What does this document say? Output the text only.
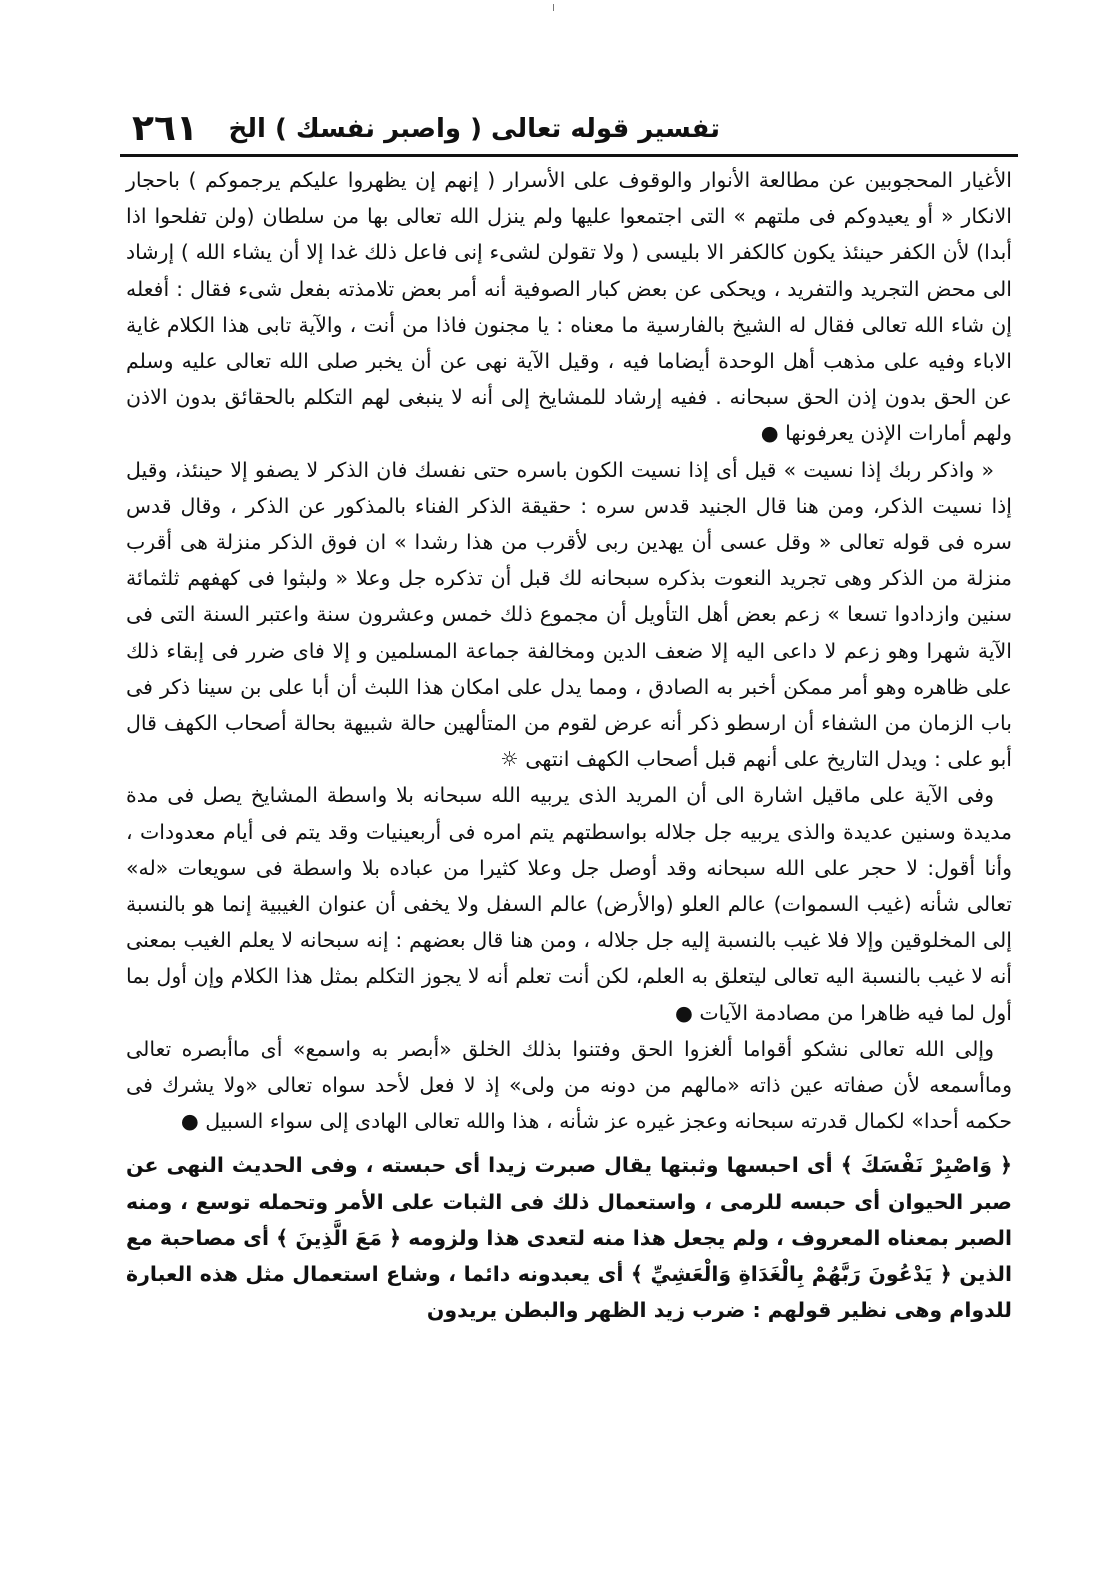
تفسير قوله تعالى ( واصبر نفسك ) الخ
٢٦١

الأغيار المحجوبين عن مطالعة الأنوار والوقوف على الأسرار ( إنهم إن يظهروا عليكم يرجموكم ) باحجار الانكار « أو يعيدوكم فى ملتهم » التى اجتمعوا عليها ولم ينزل الله تعالى بها من سلطان (ولن تفلحوا اذا أبدا) لأن الكفر حينئذ يكون كالكفر الا بليسى ( ولا تقولن لشىء إنى فاعل ذلك غدا إلا أن يشاء الله ) إرشاد الى محض التجريد والتفريد ، ويحكى عن بعض كبار الصوفية أنه أمر بعض تلامذته بفعل شىء فقال : أفعله إن شاء الله تعالى فقال له الشيخ بالفارسية ما معناه : يا مجنون فاذا من أنت ، والآية تابى هذا الكلام غاية الاباء وفيه على مذهب أهل الوحدة أيضاما فيه ، وقيل الآية نهى عن أن يخبر صلى الله تعالى عليه وسلم عن الحق بدون إذن الحق سبحانه . ففيه إرشاد للمشايخ إلى أنه لا ينبغى لهم التكلم بالحقائق بدون الاذن ولهم أمارات الإذن يعرفونها ●

« واذكر ربك إذا نسيت » قيل أى إذا نسيت الكون باسره حتى نفسك فان الذكر لا يصفو إلا حينئذ، وقيل إذا نسيت الذكر، ومن هنا قال الجنيد قدس سره : حقيقة الذكر الفناء بالمذكور عن الذكر ، وقال قدس سره فى قوله تعالى « وقل عسى أن يهدين ربى لأقرب من هذا رشدا » ان فوق الذكر منزلة هى أقرب منزلة من الذكر وهى تجريد النعوت بذكره سبحانه لك قبل أن تذكره جل وعلا « ولبثوا فى كهفهم ثلثمائة سنين وازدادوا تسعا » زعم بعض أهل التأويل أن مجموع ذلك خمس وعشرون سنة واعتبر السنة التى فى الآية شهرا وهو زعم لا داعى اليه إلا ضعف الدين ومخالفة جماعة المسلمين و إلا فاى ضرر فى إبقاء ذلك على ظاهره وهو أمر ممكن أخبر به الصادق ، ومما يدل على امكان هذا اللبث أن أبا على بن سينا ذكر فى باب الزمان من الشفاء أن ارسطو ذكر أنه عرض لقوم من المتألهين حالة شبيهة بحالة أصحاب الكهف قال أبو على : ويدل التاريخ على أنهم قبل أصحاب الكهف انتهى ☼

وفى الآية على ماقيل اشارة الى أن المريد الذى يربيه الله سبحانه بلا واسطة المشايخ يصل فى مدة مديدة وسنين عديدة والذى يربيه جل جلاله بواسطتهم يتم امره فى أربعينيات وقد يتم فى أيام معدودات ، وأنا أقول: لا حجر على الله سبحانه وقد أوصل جل وعلا كثيرا من عباده بلا واسطة فى سويعات «له» تعالى شأنه (غيب السموات) عالم العلو (والأرض) عالم السفل ولا يخفى أن عنوان الغيبية إنما هو بالنسبة إلى المخلوقين وإلا فلا غيب بالنسبة إليه جل جلاله ، ومن هنا قال بعضهم : إنه سبحانه لا يعلم الغيب بمعنى أنه لا غيب بالنسبة اليه تعالى ليتعلق به العلم، لكن أنت تعلم أنه لا يجوز التكلم بمثل هذا الكلام وإن أول بما أول لما فيه ظاهرا من مصادمة الآيات ●

وإلى الله تعالى نشكو أقواما ألغزوا الحق وفتنوا بذلك الخلق «أبصر به واسمع» أى ماأبصره تعالى وماأسمعه لأن صفاته عين ذاته «مالهم من دونه من ولى» إذ لا فعل لأحد سواه تعالى «ولا يشرك فى حكمه أحدا» لكمال قدرته سبحانه وعجز غيره عز شأنه ، هذا والله تعالى الهادى إلى سواء السبيل ●

﴿ وَاصْبِرْ نَفْسَكَ ﴾ أى احبسها وثبتها يقال صبرت زيدا أى حبسته ، وفى الحديث النهى عن صبر الحيوان أى حبسه للرمى ، واستعمال ذلك فى الثبات على الأمر وتحمله توسع ، ومنه الصبر بمعناه المعروف ، ولم يجعل هذا منه لتعدى هذا ولزومه ﴿ مَعَ الَّذِينَ ﴾ أى مصاحبة مع الذين ﴿ يَدْعُونَ رَبَّهُمْ بِالْغَدَاةِ وَالْعَشِيِّ ﴾ أى يعبدونه دائما ، وشاع استعمال مثل هذه العبارة للدوام وهى نظير قولهم : ضرب زيد الظهر والبطن يريدون
